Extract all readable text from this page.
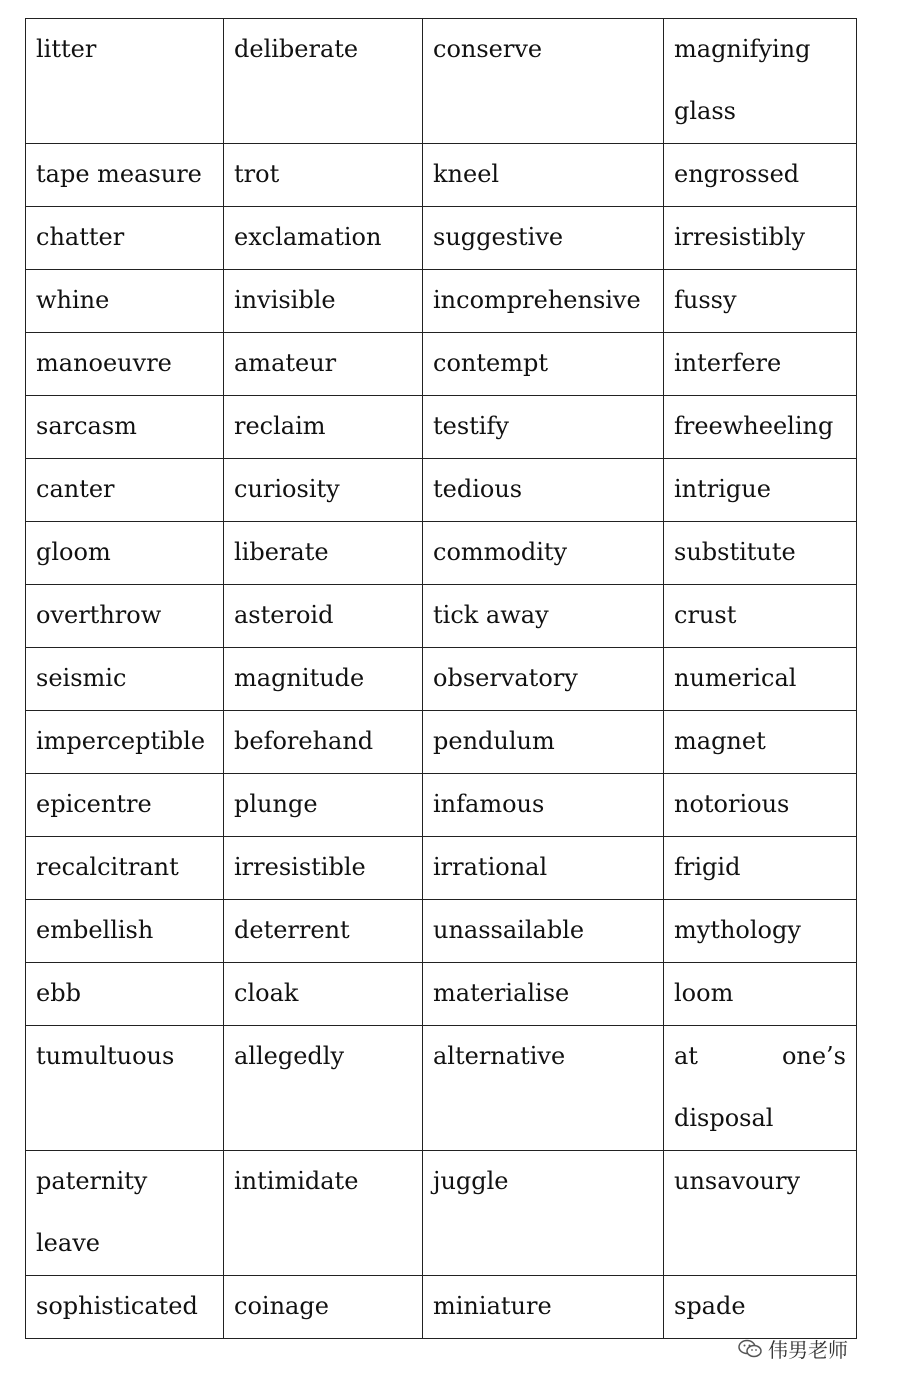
litter	deliberate	conserve	magnifying glass

tape measure	trot	kneel	engrossed

chatter	exclamation	suggestive	irresistibly

whine	invisible	incomprehensive	fussy

manoeuvre	amateur	contempt	interfere

sarcasm	reclaim	testify	freewheeling

canter	curiosity	tedious	intrigue

gloom	liberate	commodity	substitute

overthrow	asteroid	tick away	crust

seismic	magnitude	observatory	numerical

imperceptible	beforehand	pendulum	magnet

epicentre	plunge	infamous	notorious

recalcitrant	irresistible	irrational	frigid

embellish	deterrent	unassailable	mythology

ebb	cloak	materialise	loom

tumultuous	allegedly	alternative	at one’s disposal

paternity leave	intimidate	juggle	unsavoury

sophisticated	coinage	miniature	spade
伟男老师
